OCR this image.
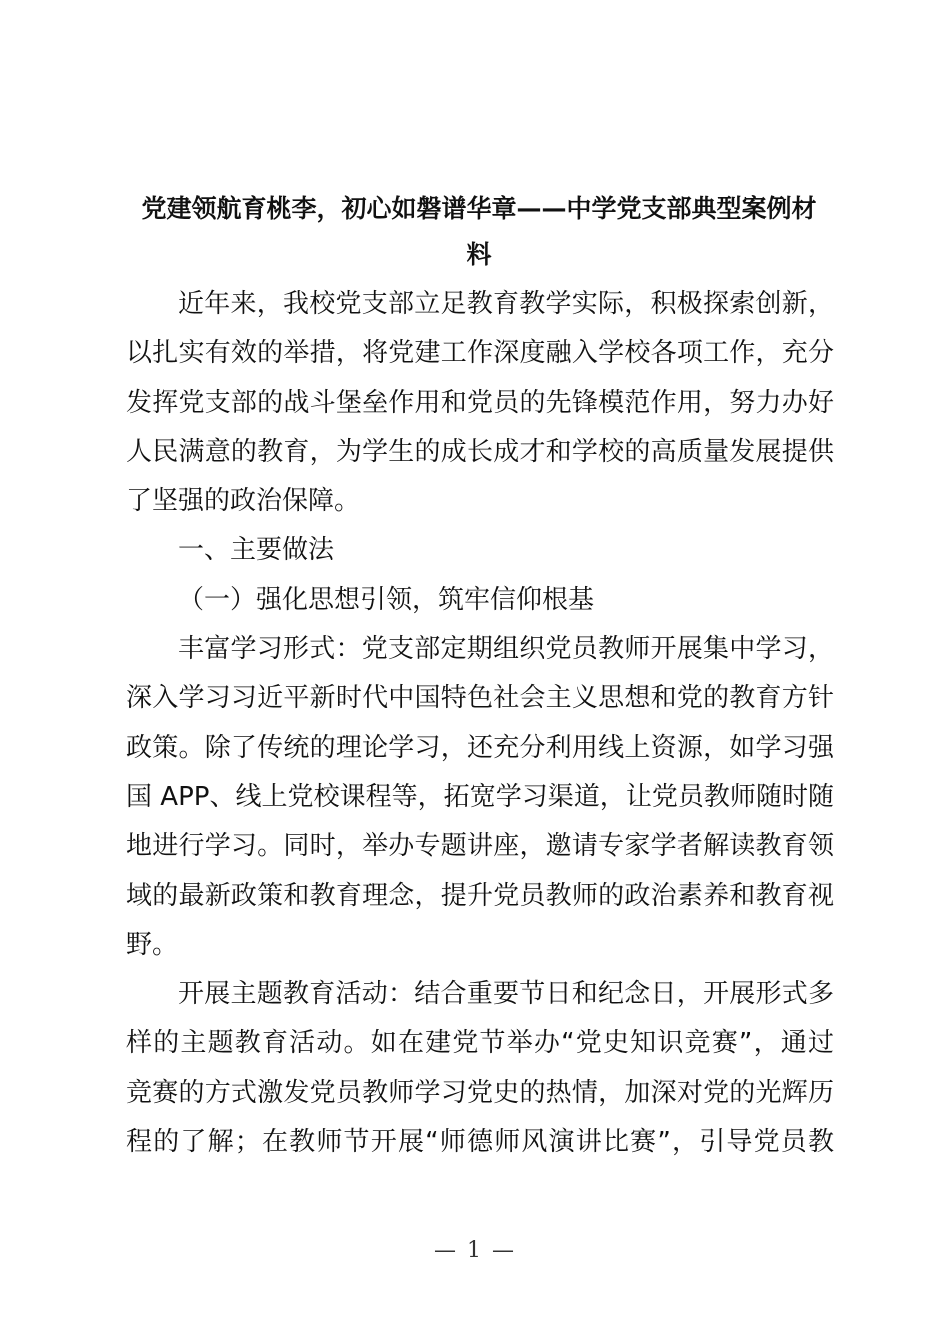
党建领航育桃李，初心如磐谱华章——中学党支部典型案例材
料

近年来，我校党支部立足教育教学实际，积极探索创新，
以扎实有效的举措，将党建工作深度融入学校各项工作，充分
发挥党支部的战斗堡垒作用和党员的先锋模范作用，努力办好
人民满意的教育，为学生的成长成才和学校的高质量发展提供
了坚强的政治保障。

一、主要做法

（一）强化思想引领，筑牢信仰根基

丰富学习形式：党支部定期组织党员教师开展集中学习，
深入学习习近平新时代中国特色社会主义思想和党的教育方针
政策。除了传统的理论学习，还充分利用线上资源，如学习强
国 APP、线上党校课程等，拓宽学习渠道，让党员教师随时随
地进行学习。同时，举办专题讲座，邀请专家学者解读教育领
域的最新政策和教育理念，提升党员教师的政治素养和教育视
野。

开展主题教育活动：结合重要节日和纪念日，开展形式多
样的主题教育活动。如在建党节举办“党史知识竞赛”，通过
竞赛的方式激发党员教师学习党史的热情，加深对党的光辉历
程的了解；在教师节开展“师德师风演讲比赛”，引导党员教

— 1 —
